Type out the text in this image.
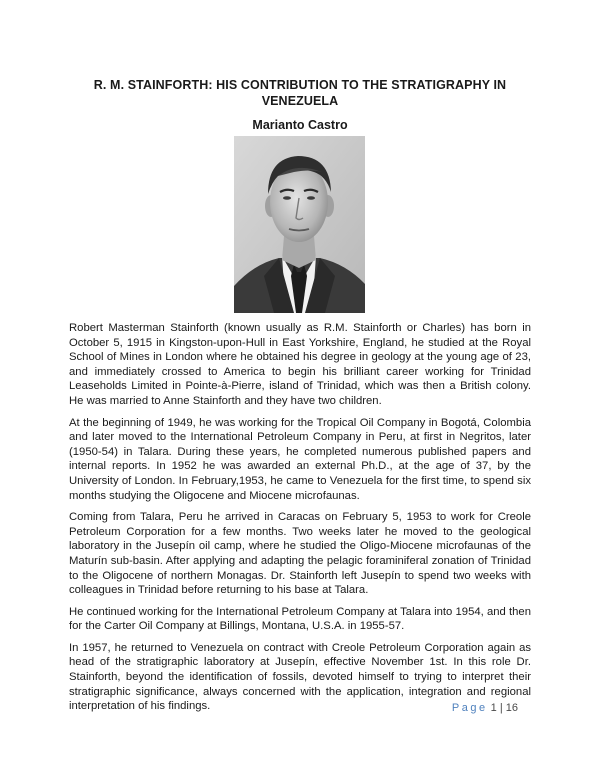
R. M. STAINFORTH: HIS CONTRIBUTION TO THE STRATIGRAPHY IN VENEZUELA
Marianto Castro

Robert Masterman Stainforth (known usually as R.M. Stainforth or Charles) has born in October 5, 1915 in Kingston-upon-Hull in East Yorkshire, England, he studied at the Royal School of Mines in London where he obtained his degree in geology at the young age of 23, and immediately crossed to America to begin his brilliant career working for Trinidad Leaseholds Limited in Pointe-à-Pierre, island of Trinidad, which was then a British colony. He was married to Anne Stainforth and they have two children.

At the beginning of 1949, he was working for the Tropical Oil Company in Bogotá, Colombia and later moved to the International Petroleum Company in Peru, at first in Negritos, later (1950-54) in Talara. During these years, he completed numerous published papers and internal reports. In 1952 he was awarded an external Ph.D., at the age of 37, by the University of London. In February,1953, he came to Venezuela for the first time, to spend six months studying the Oligocene and Miocene microfaunas.

Coming from Talara, Peru he arrived in Caracas on February 5, 1953 to work for Creole Petroleum Corporation for a few months. Two weeks later he moved to the geological laboratory in the Jusepín oil camp, where he studied the Oligo-Miocene microfaunas of the Maturín sub-basin. After applying and adapting the pelagic foraminiferal zonation of Trinidad to the Oligocene of northern Monagas. Dr. Stainforth left Jusepín to spend two weeks with colleagues in Trinidad before returning to his base at Talara.

He continued working for the International Petroleum Company at Talara into 1954, and then for the Carter Oil Company at Billings, Montana, U.S.A. in 1955-57.

In 1957, he returned to Venezuela on contract with Creole Petroleum Corporation again as head of the stratigraphic laboratory at Jusepín, effective November 1st. In this role Dr. Stainforth, beyond the identification of fossils, devoted himself to trying to interpret their stratigraphic significance, always concerned with the application, integration and regional interpretation of his findings.	Page 1 | 16
